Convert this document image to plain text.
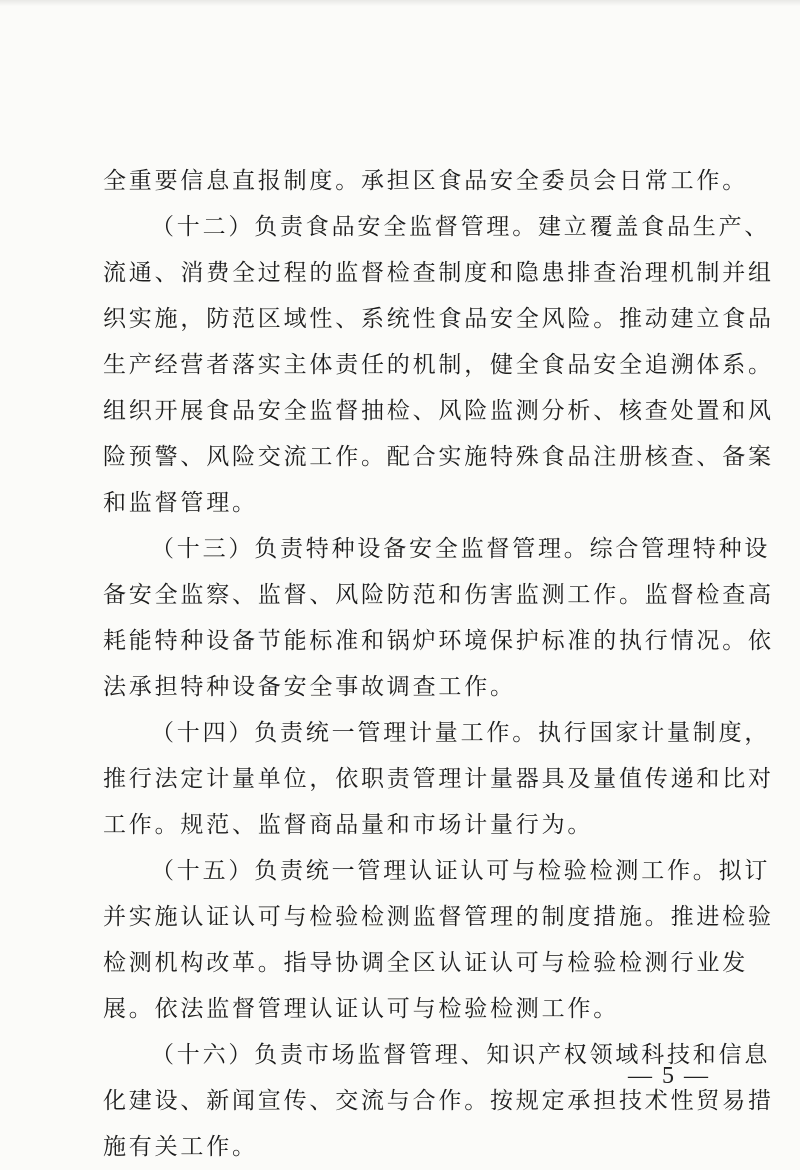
全重要信息直报制度。承担区食品安全委员会日常工作。
（十二）负责食品安全监督管理。建立覆盖食品生产、
流通、消费全过程的监督检查制度和隐患排查治理机制并组
织实施，防范区域性、系统性食品安全风险。推动建立食品
生产经营者落实主体责任的机制，健全食品安全追溯体系。
组织开展食品安全监督抽检、风险监测分析、核查处置和风
险预警、风险交流工作。配合实施特殊食品注册核查、备案
和监督管理。
（十三）负责特种设备安全监督管理。综合管理特种设
备安全监察、监督、风险防范和伤害监测工作。监督检查高
耗能特种设备节能标准和锅炉环境保护标准的执行情况。依
法承担特种设备安全事故调查工作。
（十四）负责统一管理计量工作。执行国家计量制度，
推行法定计量单位，依职责管理计量器具及量值传递和比对
工作。规范、监督商品量和市场计量行为。
（十五）负责统一管理认证认可与检验检测工作。拟订
并实施认证认可与检验检测监督管理的制度措施。推进检验
检测机构改革。指导协调全区认证认可与检验检测行业发
展。依法监督管理认证认可与检验检测工作。
（十六）负责市场监督管理、知识产权领域科技和信息
化建设、新闻宣传、交流与合作。按规定承担技术性贸易措
施有关工作。
— 5 —
